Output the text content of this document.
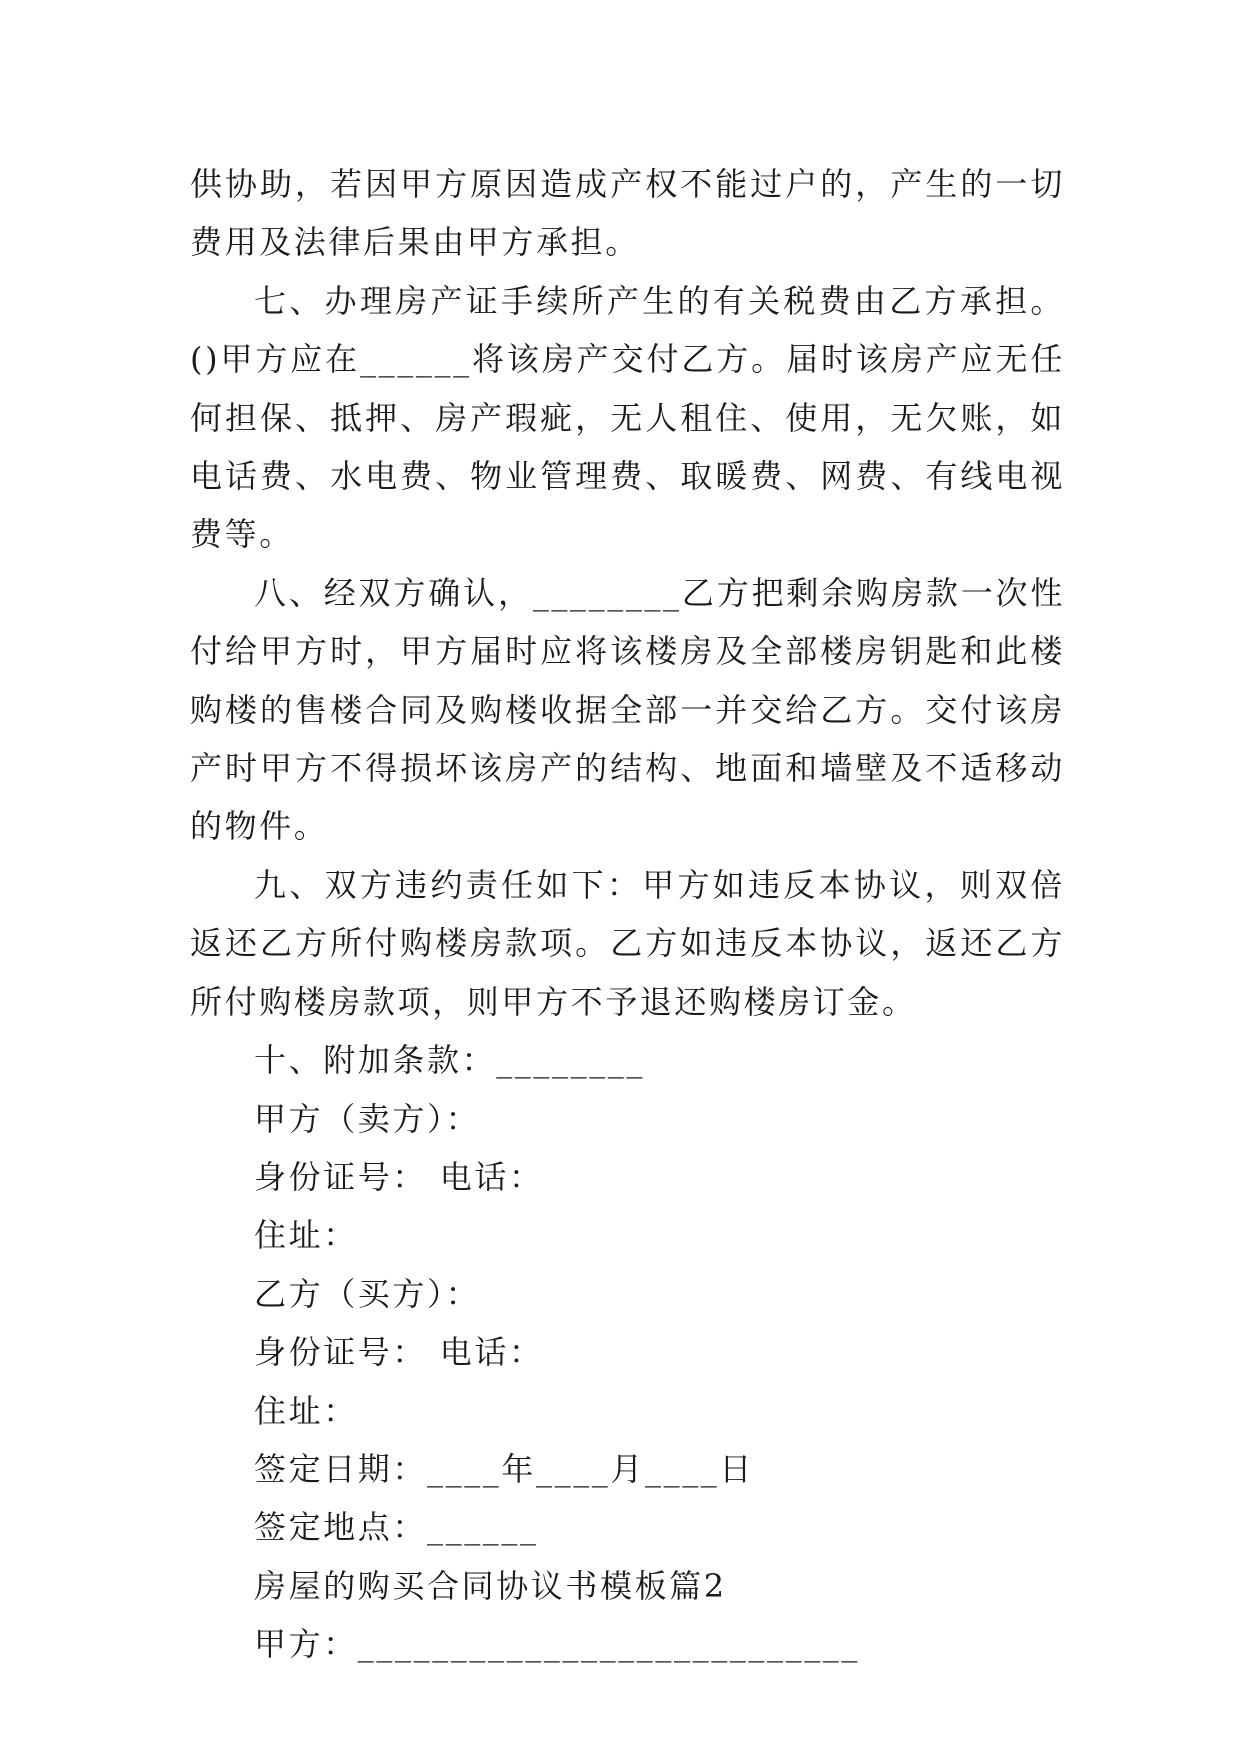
供协助，若因甲方原因造成产权不能过户的，产生的一切费用及法律后果由甲方承担。

七、办理房产证手续所产生的有关税费由乙方承担。()甲方应在______将该房产交付乙方。届时该房产应无任何担保、抵押、房产瑕疵，无人租住、使用，无欠账，如电话费、水电费、物业管理费、取暖费、网费、有线电视费等。

八、经双方确认，________乙方把剩余购房款一次性付给甲方时，甲方届时应将该楼房及全部楼房钥匙和此楼购楼的售楼合同及购楼收据全部一并交给乙方。交付该房产时甲方不得损坏该房产的结构、地面和墙壁及不适移动的物件。

九、双方违约责任如下：甲方如违反本协议，则双倍返还乙方所付购楼房款项。乙方如违反本协议，返还乙方所付购楼房款项，则甲方不予退还购楼房订金。

十、附加条款：________

甲方（卖方）：

身份证号： 电话：

住址：

乙方（买方）：

身份证号： 电话：

住址：

签定日期：____年____月____日

签定地点：______

房屋的购买合同协议书模板篇2

甲方：___________________________
